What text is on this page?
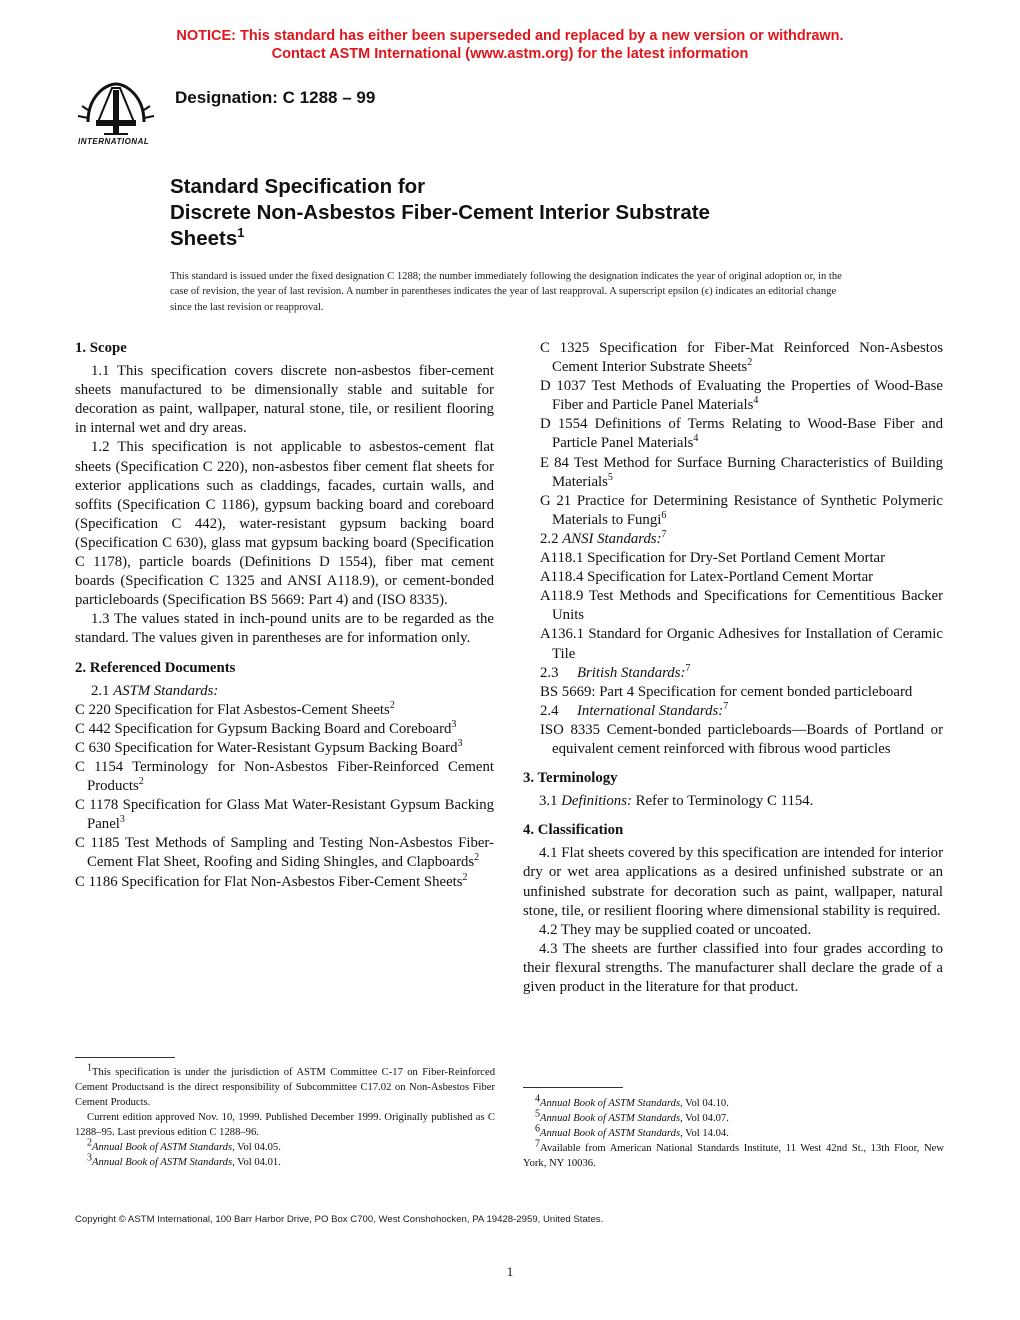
NOTICE: This standard has either been superseded and replaced by a new version or withdrawn.
Contact ASTM International (www.astm.org) for the latest information
INTERNATIONAL
Designation: C 1288 – 99
Standard Specification for
Discrete Non-Asbestos Fiber-Cement Interior Substrate
Sheets$^1$
This standard is issued under the fixed designation C 1288; the number immediately following the designation indicates the year of original adoption or, in the case of revision, the year of last revision. A number in parentheses indicates the year of last reapproval. A superscript epsilon (ϵ) indicates an editorial change since the last revision or reapproval.

1. Scope

1.1 This specification covers discrete non-asbestos fiber-cement sheets manufactured to be dimensionally stable and suitable for decoration as paint, wallpaper, natural stone, tile, or resilient flooring in internal wet and dry areas.

1.2 This specification is not applicable to asbestos-cement flat sheets (Specification C 220), non-asbestos fiber cement flat sheets for exterior applications such as claddings, facades, curtain walls, and soffits (Specification C 1186), gypsum backing board and coreboard (Specification C 442), water-resistant gypsum backing board (Specification C 630), glass mat gypsum backing board (Specification C 1178), particle boards (Definitions D 1554), fiber mat cement boards (Specification C 1325 and ANSI A118.9), or cement-bonded particleboards (Specification BS 5669: Part 4) and (ISO 8335).

1.3 The values stated in inch-pound units are to be regarded as the standard. The values given in parentheses are for information only.

2. Referenced Documents

2.1 ASTM Standards:

C 220 Specification for Flat Asbestos-Cement Sheets$^2$

C 442 Specification for Gypsum Backing Board and Coreboard$^3$

C 630 Specification for Water-Resistant Gypsum Backing Board$^3$

C 1154 Terminology for Non-Asbestos Fiber-Reinforced Cement Products$^2$

C 1178 Specification for Glass Mat Water-Resistant Gypsum Backing Panel$^3$

C 1185 Test Methods of Sampling and Testing Non-Asbestos Fiber-Cement Flat Sheet, Roofing and Siding Shingles, and Clapboards$^2$

C 1186 Specification for Flat Non-Asbestos Fiber-Cement Sheets$^2$

C 1325 Specification for Fiber-Mat Reinforced Non-Asbestos Cement Interior Substrate Sheets$^2$

D 1037 Test Methods of Evaluating the Properties of Wood-Base Fiber and Particle Panel Materials$^4$

D 1554 Definitions of Terms Relating to Wood-Base Fiber and Particle Panel Materials$^4$

E 84 Test Method for Surface Burning Characteristics of Building Materials$^5$

G 21 Practice for Determining Resistance of Synthetic Polymeric Materials to Fungi$^6$

2.2 ANSI Standards:$^7$

A118.1 Specification for Dry-Set Portland Cement Mortar

A118.4 Specification for Latex-Portland Cement Mortar

A118.9 Test Methods and Specifications for Cementitious Backer Units

A136.1 Standard for Organic Adhesives for Installation of Ceramic Tile

2.3 British Standards:$^7$

BS 5669: Part 4 Specification for cement bonded particleboard

2.4 International Standards:$^7$

ISO 8335 Cement-bonded particleboards—Boards of Portland or equivalent cement reinforced with fibrous wood particles

3. Terminology

3.1 Definitions: Refer to Terminology C 1154.

4. Classification

4.1 Flat sheets covered by this specification are intended for interior dry or wet area applications as a desired unfinished substrate or an unfinished substrate for decoration such as paint, wallpaper, natural stone, tile, or resilient flooring where dimensional stability is required.

4.2 They may be supplied coated or uncoated.

4.3 The sheets are further classified into four grades according to their flexural strengths. The manufacturer shall declare the grade of a given product in the literature for that product.

$^1$This specification is under the jurisdiction of ASTM Committee C-17 on Fiber-Reinforced Cement Productsand is the direct responsibility of Subcommittee C17.02 on Non-Asbestos Fiber Cement Products.

Current edition approved Nov. 10, 1999. Published December 1999. Originally published as C 1288–95. Last previous edition C 1288–96.

$^2$Annual Book of ASTM Standards, Vol 04.05.

$^3$Annual Book of ASTM Standards, Vol 04.01.

$^4$Annual Book of ASTM Standards, Vol 04.10.

$^5$Annual Book of ASTM Standards, Vol 04.07.

$^6$Annual Book of ASTM Standards, Vol 14.04.

$^7$Available from American National Standards Institute, 11 West 42nd St., 13th Floor, New York, NY 10036.

Copyright © ASTM International, 100 Barr Harbor Drive, PO Box C700, West Conshohocken, PA 19428-2959, United States.
1
